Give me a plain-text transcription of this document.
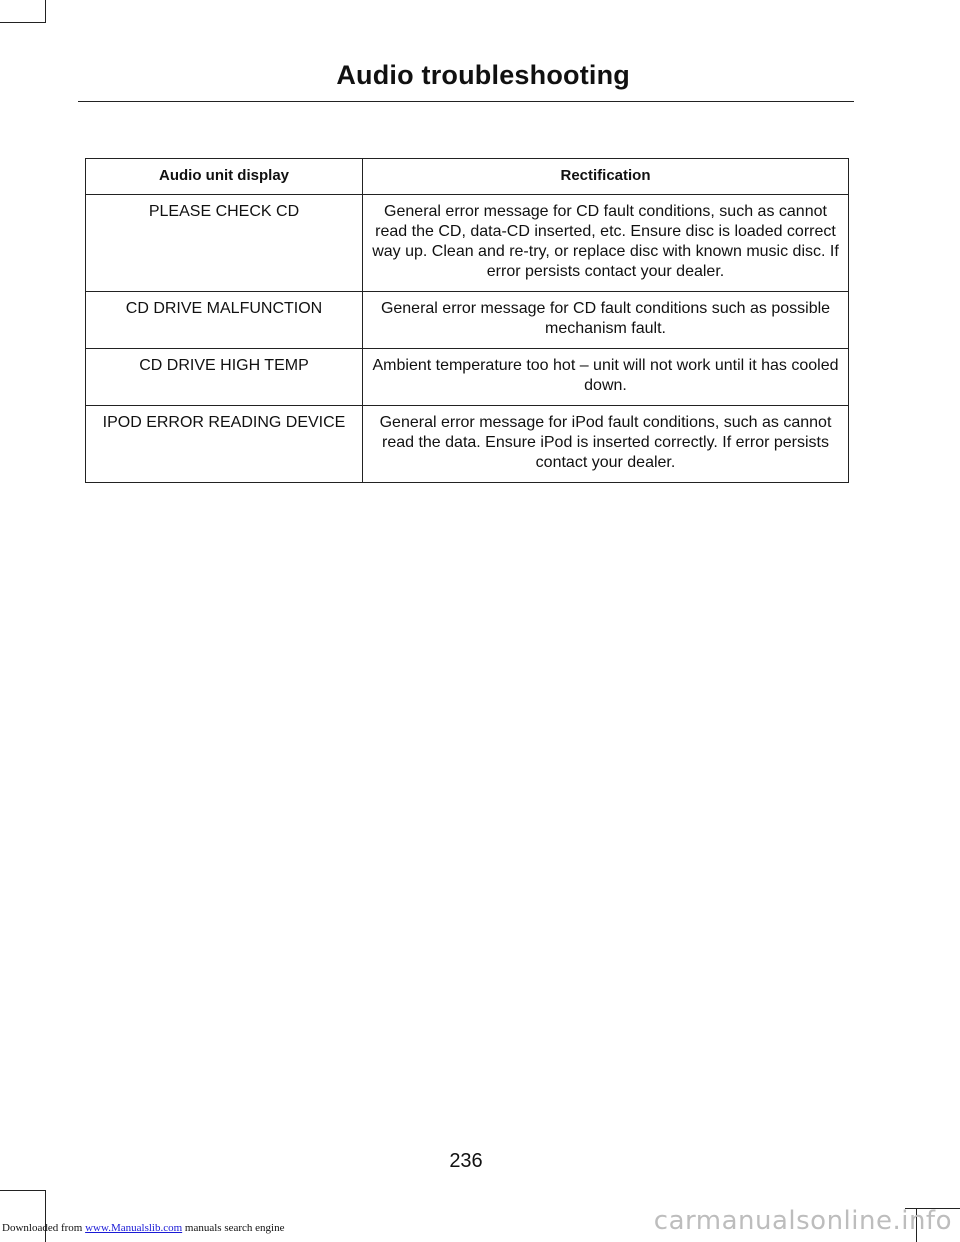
Audio troubleshooting
Audio unit display	Rectification
PLEASE CHECK CD	General error message for CD fault conditions, such as cannot read the CD, data-CD inserted, etc. Ensure disc is loaded correct way up. Clean and re-try, or replace disc with known music disc. If error persists contact your dealer.
CD DRIVE MALFUNCTION	General error message for CD fault conditions such as possible mechanism fault.
CD DRIVE HIGH TEMP	Ambient temperature too hot – unit will not work until it has cooled down.
IPOD ERROR READING DEVICE	General error message for iPod fault conditions, such as cannot read the data. Ensure iPod is inserted correctly. If error persists contact your dealer.
236
Downloaded from www.Manualslib.com manuals search engine	carmanualsonline.info
